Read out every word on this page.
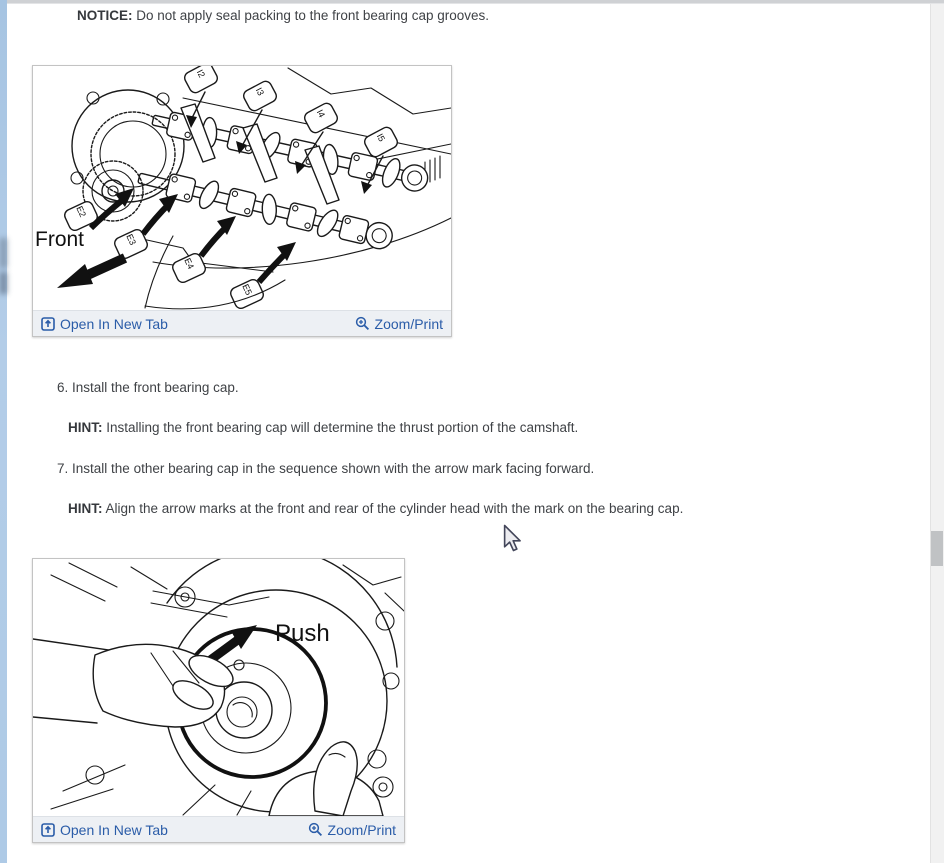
NOTICE: Do not apply seal packing to the front bearing cap grooves.
I2
I3
I4
I5
E2
E3
E4
E5
Front
Open In New Tab	Zoom/Print
6. Install the front bearing cap.
HINT: Installing the front bearing cap will determine the thrust portion of the camshaft.
7. Install the other bearing cap in the sequence shown with the arrow mark facing forward.
HINT: Align the arrow marks at the front and rear of the cylinder head with the mark on the bearing cap.
Push
Open In New Tab	Zoom/Print
